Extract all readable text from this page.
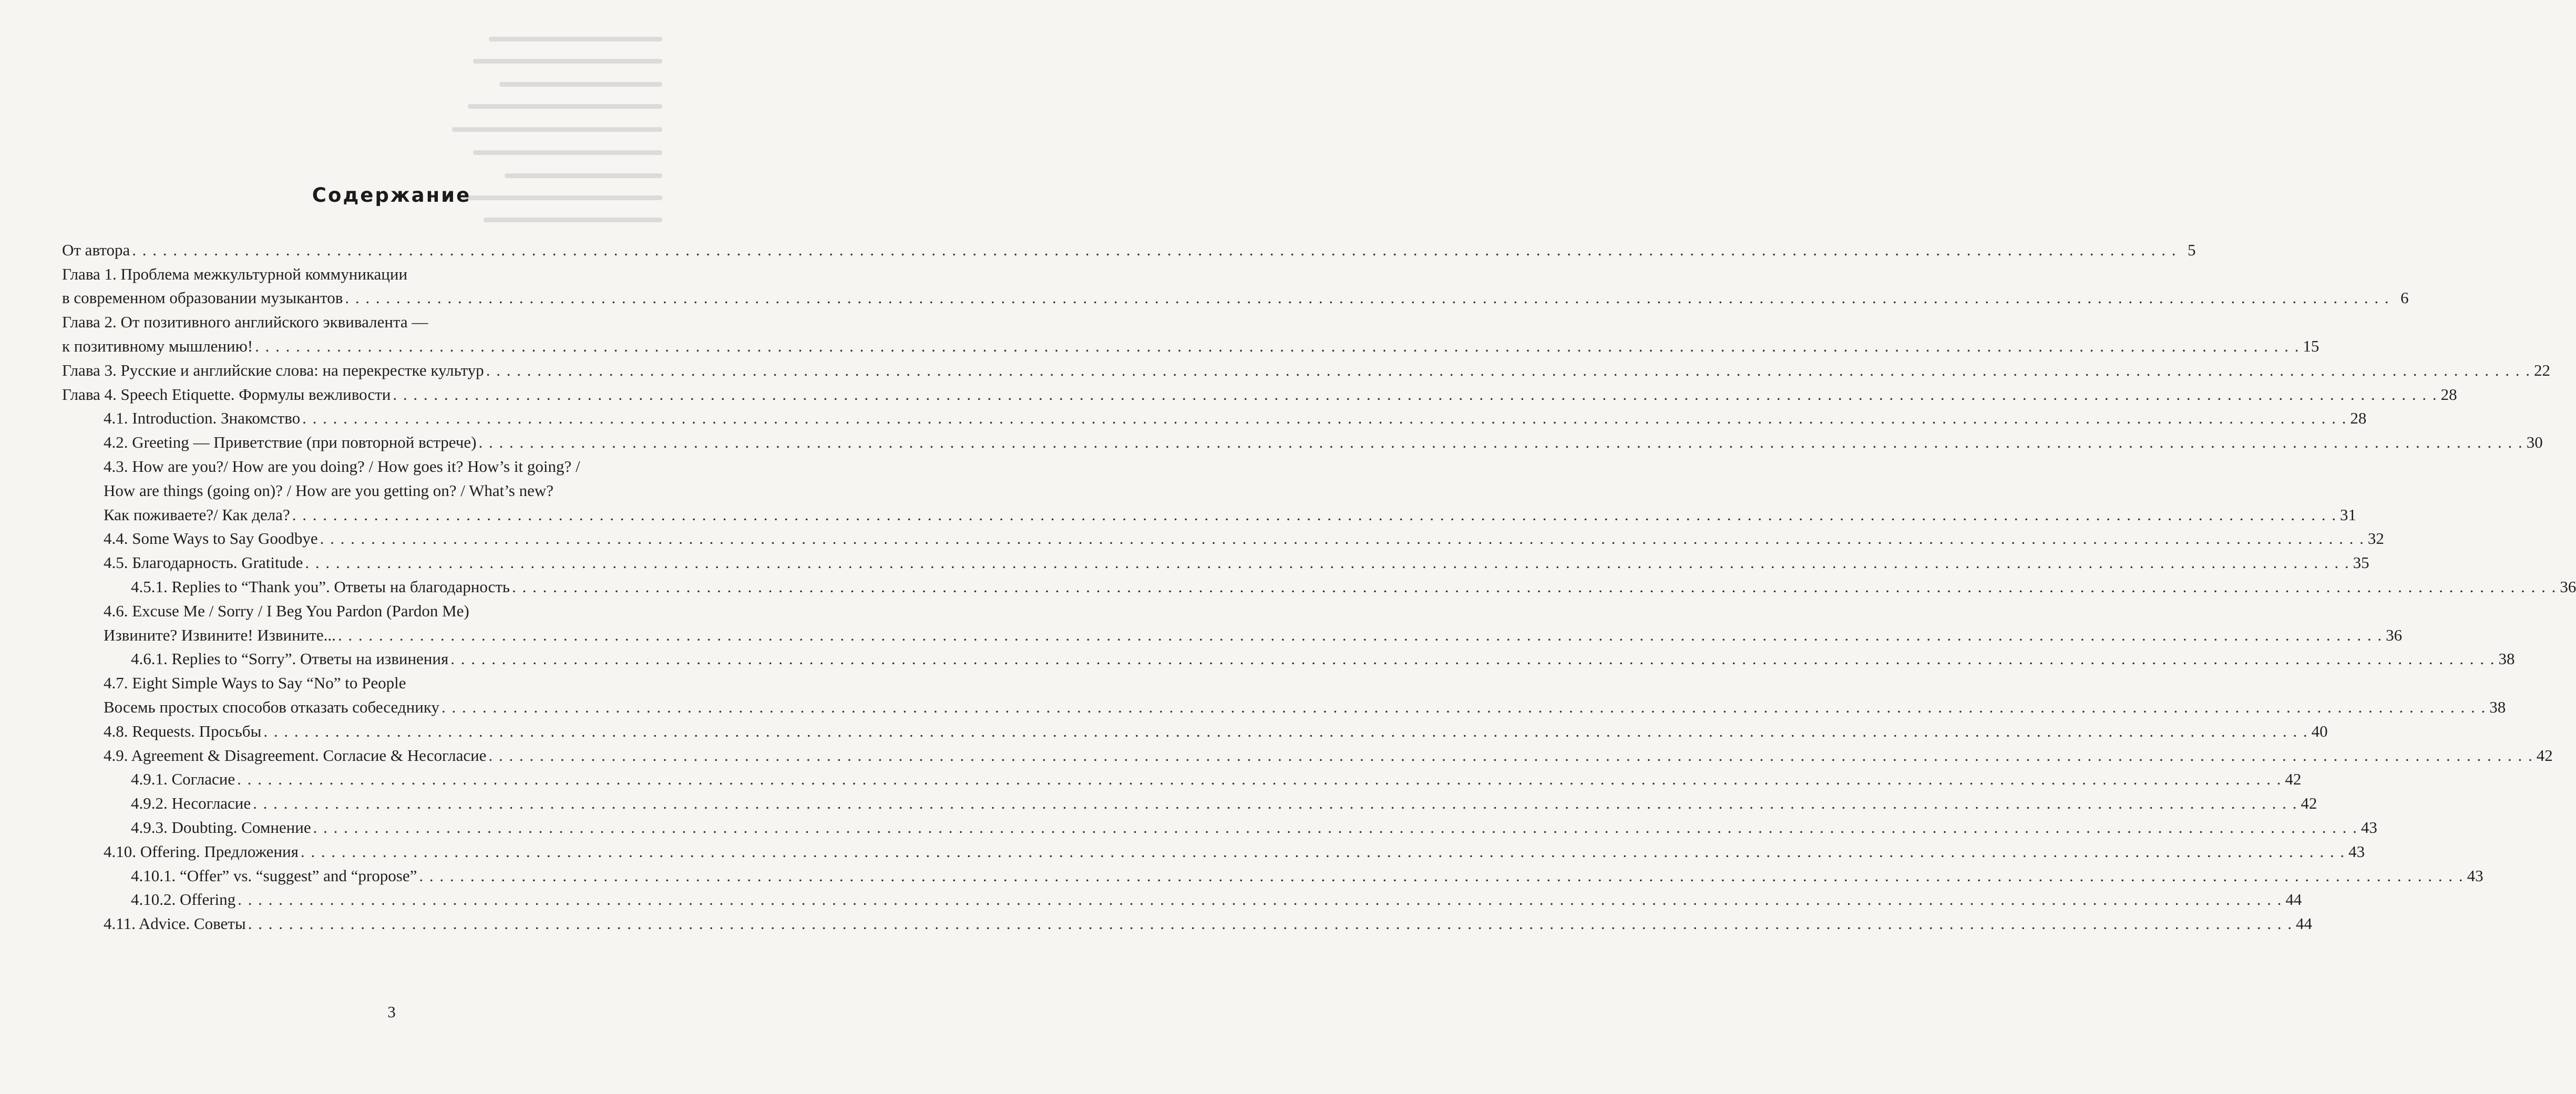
Содержание
От автора . . . . . . . . . . . . . . . . . . . . . . . . . . . . . . . . . . . . . . . . . . . . . . . . . . . . . . . . . . . . . . . . . . . . . . . . . . . . . . . . . . . . . . . . . . . . . . . . . . . . . . . . . . . . . . . . . . . . . . . . . . . . . . . . . . . . . . . . . . . . . . . . . . . . . . . . . . . . . . . . . . . . . . . . . . . . . . . . . . . . . . . . . . . . . . . . . . . . . . . . 5
Глава 1. Проблема межкультурной коммуникации
в современном образовании музыкантов . . . . . . . . . . . . . . . . . . . . . . . . . . . . . . . . . . . . . . . . . . . . . . . . . . . . . . . . . . . . . . . . . . . . . . . . . . . . . . . . . . . . . . . . . . . . . . . . . . . . . . . . . . . . . . . . . . . . . . . . . . . . . . . . . . . . . . . . . . . . . . . . . . . . . . . . . . . . . . . . . . . . . . . . . . . . . . . . . . . . . . . . . . . . . . . . . . . . . . . . 6
Глава 2. От позитивного английского эквивалента —
к позитивному мышлению! . . . . . . . . . . . . . . . . . . . . . . . . . . . . . . . . . . . . . . . . . . . . . . . . . . . . . . . . . . . . . . . . . . . . . . . . . . . . . . . . . . . . . . . . . . . . . . . . . . . . . . . . . . . . . . . . . . . . . . . . . . . . . . . . . . . . . . . . . . . . . . . . . . . . . . . . . . . . . . . . . . . . . . . . . . . . . . . . . . . . . . . . . . . . . . . . . . . . . . . . 15
Глава 3. Русские и английские слова: на перекрестке культур . . . . . . . . . . . . . . . . . . . . . . . . . . . . . . . . . . . . . . . . . . . . . . . . . . . . . . . . . . . . . . . . . . . . . . . . . . . . . . . . . . . . . . . . . . . . . . . . . . . . . . . . . . . . . . . . . . . . . . . . . . . . . . . . . . . . . . . . . . . . . . . . . . . . . . . . . . . . . . . . . . . . . . . . . . . . . . . . . . . . . . . . . . . . . . . . . . . . . . . . 22
Глава 4. Speech Etiquette. Формулы вежливости . . . . . . . . . . . . . . . . . . . . . . . . . . . . . . . . . . . . . . . . . . . . . . . . . . . . . . . . . . . . . . . . . . . . . . . . . . . . . . . . . . . . . . . . . . . . . . . . . . . . . . . . . . . . . . . . . . . . . . . . . . . . . . . . . . . . . . . . . . . . . . . . . . . . . . . . . . . . . . . . . . . . . . . . . . . . . . . . . . . . . . . . . . . . . . . . . . . . . . . . 28
4.1. Introduction. Знакомство . . . . . . . . . . . . . . . . . . . . . . . . . . . . . . . . . . . . . . . . . . . . . . . . . . . . . . . . . . . . . . . . . . . . . . . . . . . . . . . . . . . . . . . . . . . . . . . . . . . . . . . . . . . . . . . . . . . . . . . . . . . . . . . . . . . . . . . . . . . . . . . . . . . . . . . . . . . . . . . . . . . . . . . . . . . . . . . . . . . . . . . . . . . . . . . . . . . . . . . . 28
4.2. Greeting — Приветствие (при повторной встрече) . . . . . . . . . . . . . . . . . . . . . . . . . . . . . . . . . . . . . . . . . . . . . . . . . . . . . . . . . . . . . . . . . . . . . . . . . . . . . . . . . . . . . . . . . . . . . . . . . . . . . . . . . . . . . . . . . . . . . . . . . . . . . . . . . . . . . . . . . . . . . . . . . . . . . . . . . . . . . . . . . . . . . . . . . . . . . . . . . . . . . . . . . . . . . . . . . . . . . . . . 30
4.3. How are you?/ How are you doing? / How goes it? How’s it going? /
How are things (going on)? / How are you getting on? / What’s new?
Как поживаете?/ Как дела? . . . . . . . . . . . . . . . . . . . . . . . . . . . . . . . . . . . . . . . . . . . . . . . . . . . . . . . . . . . . . . . . . . . . . . . . . . . . . . . . . . . . . . . . . . . . . . . . . . . . . . . . . . . . . . . . . . . . . . . . . . . . . . . . . . . . . . . . . . . . . . . . . . . . . . . . . . . . . . . . . . . . . . . . . . . . . . . . . . . . . . . . . . . . . . . . . . . . . . . . 31
4.4. Some Ways to Say Goodbye . . . . . . . . . . . . . . . . . . . . . . . . . . . . . . . . . . . . . . . . . . . . . . . . . . . . . . . . . . . . . . . . . . . . . . . . . . . . . . . . . . . . . . . . . . . . . . . . . . . . . . . . . . . . . . . . . . . . . . . . . . . . . . . . . . . . . . . . . . . . . . . . . . . . . . . . . . . . . . . . . . . . . . . . . . . . . . . . . . . . . . . . . . . . . . . . . . . . . . . . 32
4.5. Благодарность. Gratitude . . . . . . . . . . . . . . . . . . . . . . . . . . . . . . . . . . . . . . . . . . . . . . . . . . . . . . . . . . . . . . . . . . . . . . . . . . . . . . . . . . . . . . . . . . . . . . . . . . . . . . . . . . . . . . . . . . . . . . . . . . . . . . . . . . . . . . . . . . . . . . . . . . . . . . . . . . . . . . . . . . . . . . . . . . . . . . . . . . . . . . . . . . . . . . . . . . . . . . . . 35
4.5.1. Replies to “Thank you”. Ответы на благодарность . . . . . . . . . . . . . . . . . . . . . . . . . . . . . . . . . . . . . . . . . . . . . . . . . . . . . . . . . . . . . . . . . . . . . . . . . . . . . . . . . . . . . . . . . . . . . . . . . . . . . . . . . . . . . . . . . . . . . . . . . . . . . . . . . . . . . . . . . . . . . . . . . . . . . . . . . . . . . . . . . . . . . . . . . . . . . . . . . . . . . . . . . . . . . . . . . . . . . . . . 36
4.6. Excuse Me / Sorry / I Beg You Pardon (Pardon Me)
Извините? Извините! Извините... . . . . . . . . . . . . . . . . . . . . . . . . . . . . . . . . . . . . . . . . . . . . . . . . . . . . . . . . . . . . . . . . . . . . . . . . . . . . . . . . . . . . . . . . . . . . . . . . . . . . . . . . . . . . . . . . . . . . . . . . . . . . . . . . . . . . . . . . . . . . . . . . . . . . . . . . . . . . . . . . . . . . . . . . . . . . . . . . . . . . . . . . . . . . . . . . . . . . . . . . 36
4.6.1. Replies to “Sorry”. Ответы на извинения . . . . . . . . . . . . . . . . . . . . . . . . . . . . . . . . . . . . . . . . . . . . . . . . . . . . . . . . . . . . . . . . . . . . . . . . . . . . . . . . . . . . . . . . . . . . . . . . . . . . . . . . . . . . . . . . . . . . . . . . . . . . . . . . . . . . . . . . . . . . . . . . . . . . . . . . . . . . . . . . . . . . . . . . . . . . . . . . . . . . . . . . . . . . . . . . . . . . . . . . 38
4.7. Eight Simple Ways to Say “No” to People
Восемь простых способов отказать собеседнику . . . . . . . . . . . . . . . . . . . . . . . . . . . . . . . . . . . . . . . . . . . . . . . . . . . . . . . . . . . . . . . . . . . . . . . . . . . . . . . . . . . . . . . . . . . . . . . . . . . . . . . . . . . . . . . . . . . . . . . . . . . . . . . . . . . . . . . . . . . . . . . . . . . . . . . . . . . . . . . . . . . . . . . . . . . . . . . . . . . . . . . . . . . . . . . . . . . . . . . . 38
4.8. Requests. Просьбы . . . . . . . . . . . . . . . . . . . . . . . . . . . . . . . . . . . . . . . . . . . . . . . . . . . . . . . . . . . . . . . . . . . . . . . . . . . . . . . . . . . . . . . . . . . . . . . . . . . . . . . . . . . . . . . . . . . . . . . . . . . . . . . . . . . . . . . . . . . . . . . . . . . . . . . . . . . . . . . . . . . . . . . . . . . . . . . . . . . . . . . . . . . . . . . . . . . . . . . . 40
4.9. Agreement & Disagreement. Согласие & Несогласие . . . . . . . . . . . . . . . . . . . . . . . . . . . . . . . . . . . . . . . . . . . . . . . . . . . . . . . . . . . . . . . . . . . . . . . . . . . . . . . . . . . . . . . . . . . . . . . . . . . . . . . . . . . . . . . . . . . . . . . . . . . . . . . . . . . . . . . . . . . . . . . . . . . . . . . . . . . . . . . . . . . . . . . . . . . . . . . . . . . . . . . . . . . . . . . . . . . . . . . . 42
4.9.1. Согласие . . . . . . . . . . . . . . . . . . . . . . . . . . . . . . . . . . . . . . . . . . . . . . . . . . . . . . . . . . . . . . . . . . . . . . . . . . . . . . . . . . . . . . . . . . . . . . . . . . . . . . . . . . . . . . . . . . . . . . . . . . . . . . . . . . . . . . . . . . . . . . . . . . . . . . . . . . . . . . . . . . . . . . . . . . . . . . . . . . . . . . . . . . . . . . . . . . . . . . . . 42
4.9.2. Несогласие . . . . . . . . . . . . . . . . . . . . . . . . . . . . . . . . . . . . . . . . . . . . . . . . . . . . . . . . . . . . . . . . . . . . . . . . . . . . . . . . . . . . . . . . . . . . . . . . . . . . . . . . . . . . . . . . . . . . . . . . . . . . . . . . . . . . . . . . . . . . . . . . . . . . . . . . . . . . . . . . . . . . . . . . . . . . . . . . . . . . . . . . . . . . . . . . . . . . . . . . 42
4.9.3. Doubting. Сомнение . . . . . . . . . . . . . . . . . . . . . . . . . . . . . . . . . . . . . . . . . . . . . . . . . . . . . . . . . . . . . . . . . . . . . . . . . . . . . . . . . . . . . . . . . . . . . . . . . . . . . . . . . . . . . . . . . . . . . . . . . . . . . . . . . . . . . . . . . . . . . . . . . . . . . . . . . . . . . . . . . . . . . . . . . . . . . . . . . . . . . . . . . . . . . . . . . . . . . . . . 43
4.10. Offering. Предложения . . . . . . . . . . . . . . . . . . . . . . . . . . . . . . . . . . . . . . . . . . . . . . . . . . . . . . . . . . . . . . . . . . . . . . . . . . . . . . . . . . . . . . . . . . . . . . . . . . . . . . . . . . . . . . . . . . . . . . . . . . . . . . . . . . . . . . . . . . . . . . . . . . . . . . . . . . . . . . . . . . . . . . . . . . . . . . . . . . . . . . . . . . . . . . . . . . . . . . . . 43
4.10.1. “Offer” vs. “suggest” and “propose” . . . . . . . . . . . . . . . . . . . . . . . . . . . . . . . . . . . . . . . . . . . . . . . . . . . . . . . . . . . . . . . . . . . . . . . . . . . . . . . . . . . . . . . . . . . . . . . . . . . . . . . . . . . . . . . . . . . . . . . . . . . . . . . . . . . . . . . . . . . . . . . . . . . . . . . . . . . . . . . . . . . . . . . . . . . . . . . . . . . . . . . . . . . . . . . . . . . . . . . . 43
4.10.2. Offering . . . . . . . . . . . . . . . . . . . . . . . . . . . . . . . . . . . . . . . . . . . . . . . . . . . . . . . . . . . . . . . . . . . . . . . . . . . . . . . . . . . . . . . . . . . . . . . . . . . . . . . . . . . . . . . . . . . . . . . . . . . . . . . . . . . . . . . . . . . . . . . . . . . . . . . . . . . . . . . . . . . . . . . . . . . . . . . . . . . . . . . . . . . . . . . . . . . . . . . . 44
4.11. Advice. Советы . . . . . . . . . . . . . . . . . . . . . . . . . . . . . . . . . . . . . . . . . . . . . . . . . . . . . . . . . . . . . . . . . . . . . . . . . . . . . . . . . . . . . . . . . . . . . . . . . . . . . . . . . . . . . . . . . . . . . . . . . . . . . . . . . . . . . . . . . . . . . . . . . . . . . . . . . . . . . . . . . . . . . . . . . . . . . . . . . . . . . . . . . . . . . . . . . . . . . . . . 44
3
